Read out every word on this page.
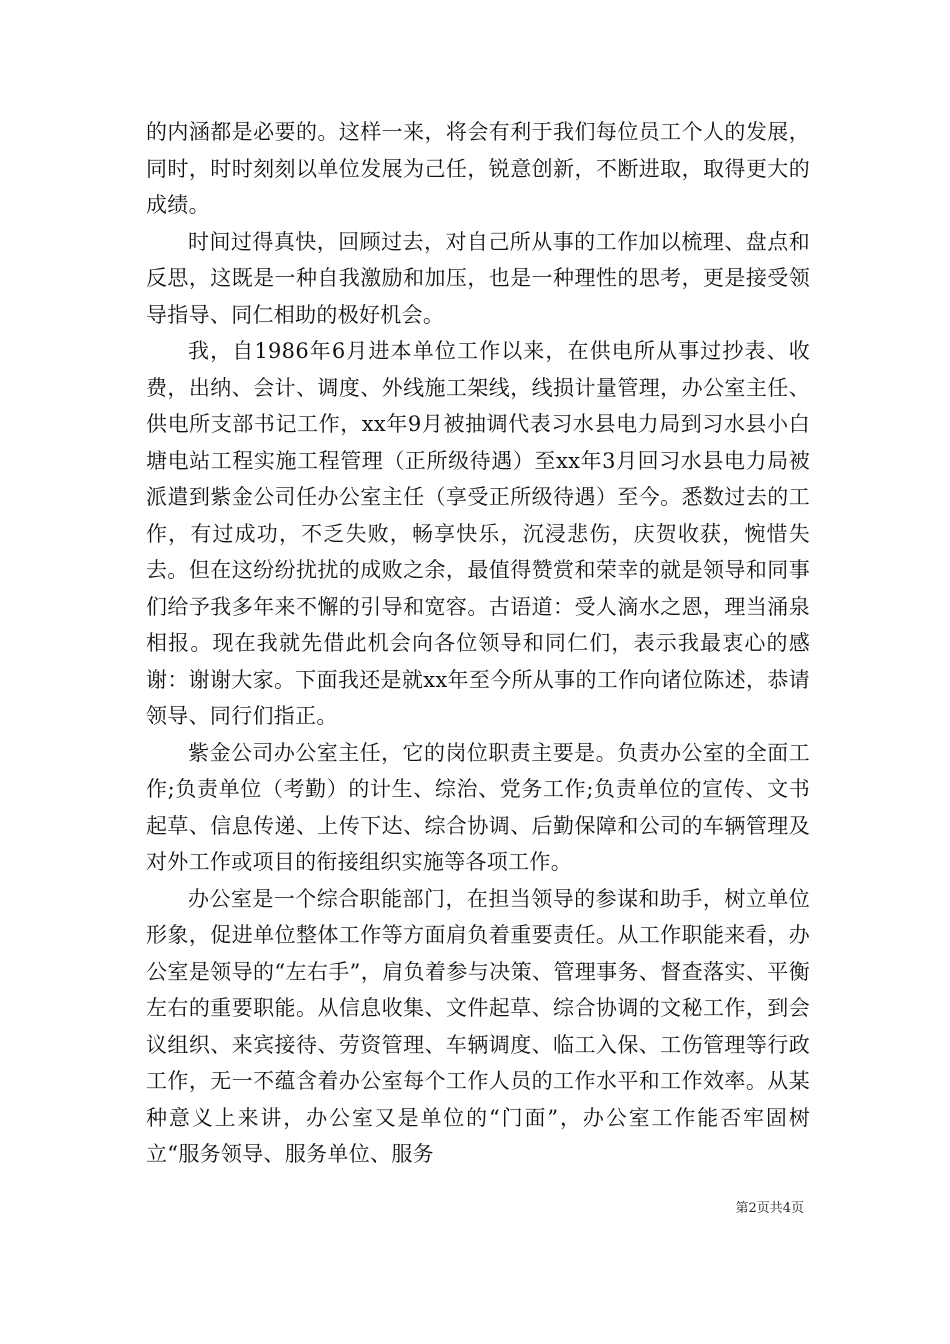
的内涵都是必要的。这样一来，将会有利于我们每位员工个人的发展，同时，时时刻刻以单位发展为己任，锐意创新，不断进取，取得更大的成绩。

时间过得真快，回顾过去，对自己所从事的工作加以梳理、盘点和反思，这既是一种自我激励和加压，也是一种理性的思考，更是接受领导指导、同仁相助的极好机会。

我，自1986年6月进本单位工作以来，在供电所从事过抄表、收费，出纳、会计、调度、外线施工架线，线损计量管理，办公室主任、供电所支部书记工作，xx年9月被抽调代表习水县电力局到习水县小白塘电站工程实施工程管理（正所级待遇）至xx年3月回习水县电力局被派遣到紫金公司任办公室主任（享受正所级待遇）至今。悉数过去的工作，有过成功，不乏失败，畅享快乐，沉浸悲伤，庆贺收获，惋惜失去。但在这纷纷扰扰的成败之余，最值得赞赏和荣幸的就是领导和同事们给予我多年来不懈的引导和宽容。古语道：受人滴水之恩，理当涌泉相报。现在我就先借此机会向各位领导和同仁们，表示我最衷心的感谢：谢谢大家。下面我还是就xx年至今所从事的工作向诸位陈述，恭请领导、同行们指正。

紫金公司办公室主任，它的岗位职责主要是。负责办公室的全面工作;负责单位（考勤）的计生、综治、党务工作;负责单位的宣传、文书起草、信息传递、上传下达、综合协调、后勤保障和公司的车辆管理及对外工作或项目的衔接组织实施等各项工作。

办公室是一个综合职能部门，在担当领导的参谋和助手，树立单位形象，促进单位整体工作等方面肩负着重要责任。从工作职能来看，办公室是领导的“左右手”，肩负着参与决策、管理事务、督查落实、平衡左右的重要职能。从信息收集、文件起草、综合协调的文秘工作，到会议组织、来宾接待、劳资管理、车辆调度、临工入保、工伤管理等行政工作，无一不蕴含着办公室每个工作人员的工作水平和工作效率。从某种意义上来讲，办公室又是单位的“门面”，办公室工作能否牢固树立“服务领导、服务单位、服务

第2页共4页
